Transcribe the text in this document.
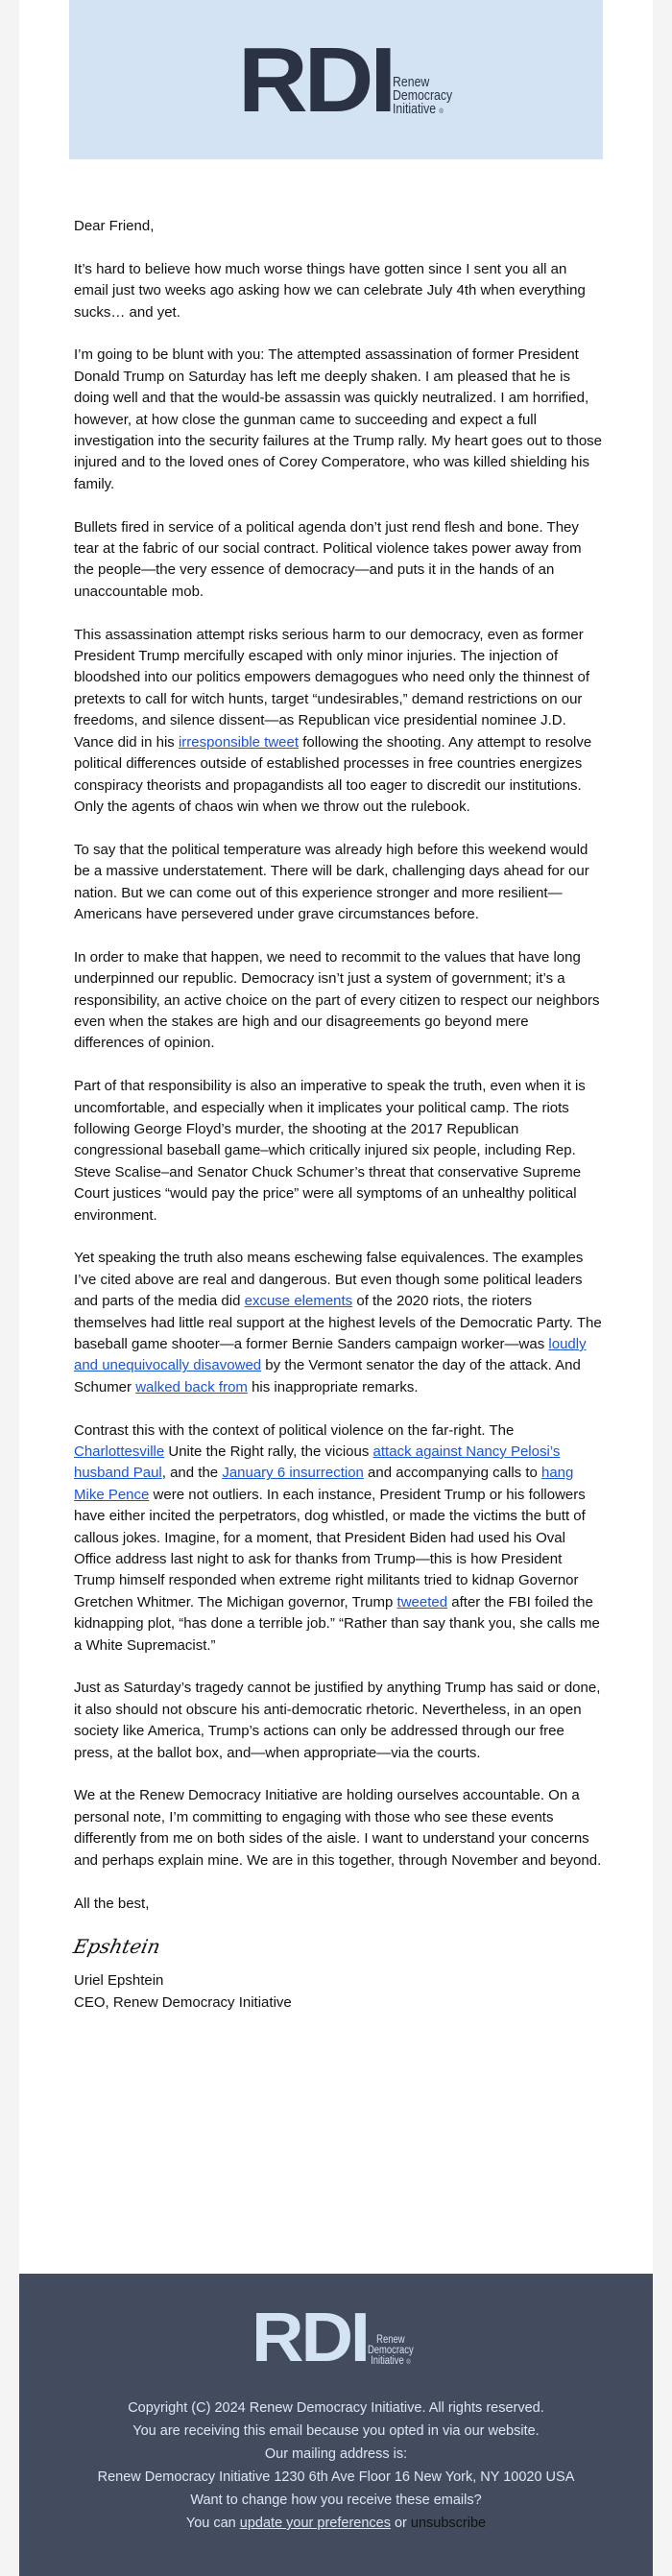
RDI Renew
Democracy
Initiative ®

Dear Friend,

It’s hard to believe how much worse things have gotten since I sent you all an email just two weeks ago asking how we can celebrate July 4th when everything sucks… and yet.

I’m going to be blunt with you: The attempted assassination of former President Donald Trump on Saturday has left me deeply shaken. I am pleased that he is doing well and that the would-be assassin was quickly neutralized. I am horrified, however, at how close the gunman came to succeeding and expect a full investigation into the security failures at the Trump rally. My heart goes out to those injured and to the loved ones of Corey Comperatore, who was killed shielding his family.

Bullets fired in service of a political agenda don’t just rend flesh and bone. They tear at the fabric of our social contract. Political violence takes power away from the people—the very essence of democracy—and puts it in the hands of an unaccountable mob.

This assassination attempt risks serious harm to our democracy, even as former President Trump mercifully escaped with only minor injuries. The injection of bloodshed into our politics empowers demagogues who need only the thinnest of pretexts to call for witch hunts, target “undesirables,” demand restrictions on our freedoms, and silence dissent—as Republican vice presidential nominee J.D. Vance did in his irresponsible tweet following the shooting. Any attempt to resolve political differences outside of established processes in free countries energizes conspiracy theorists and propagandists all too eager to discredit our institutions. Only the agents of chaos win when we throw out the rulebook.

To say that the political temperature was already high before this weekend would be a massive understatement. There will be dark, challenging days ahead for our nation. But we can come out of this experience stronger and more resilient—Americans have persevered under grave circumstances before.

In order to make that happen, we need to recommit to the values that have long underpinned our republic. Democracy isn’t just a system of government; it’s a responsibility, an active choice on the part of every citizen to respect our neighbors even when the stakes are high and our disagreements go beyond mere differences of opinion.

Part of that responsibility is also an imperative to speak the truth, even when it is uncomfortable, and especially when it implicates your political camp. The riots following George Floyd’s murder, the shooting at the 2017 Republican congressional baseball game–which critically injured six people, including Rep. Steve Scalise–and Senator Chuck Schumer’s threat that conservative Supreme Court justices “would pay the price” were all symptoms of an unhealthy political environment.

Yet speaking the truth also means eschewing false equivalences. The examples I’ve cited above are real and dangerous. But even though some political leaders and parts of the media did excuse elements of the 2020 riots, the rioters themselves had little real support at the highest levels of the Democratic Party. The baseball game shooter—a former Bernie Sanders campaign worker—was loudly and unequivocally disavowed by the Vermont senator the day of the attack. And Schumer walked back from his inappropriate remarks.

Contrast this with the context of political violence on the far-right. The Charlottesville Unite the Right rally, the vicious attack against Nancy Pelosi’s husband Paul, and the January 6 insurrection and accompanying calls to hang Mike Pence were not outliers. In each instance, President Trump or his followers have either incited the perpetrators, dog whistled, or made the victims the butt of callous jokes. Imagine, for a moment, that President Biden had used his Oval Office address last night to ask for thanks from Trump—this is how President Trump himself responded when extreme right militants tried to kidnap Governor Gretchen Whitmer. The Michigan governor, Trump tweeted after the FBI foiled the kidnapping plot, “has done a terrible job.” “Rather than say thank you, she calls me a White Supremacist.”

Just as Saturday’s tragedy cannot be justified by anything Trump has said or done, it also should not obscure his anti-democratic rhetoric. Nevertheless, in an open society like America, Trump’s actions can only be addressed through our free press, at the ballot box, and—when appropriate—via the courts.

We at the Renew Democracy Initiative are holding ourselves accountable. On a personal note, I’m committing to engaging with those who see these events differently from me on both sides of the aisle. I want to understand your concerns and perhaps explain mine. We are in this together, through November and beyond.

All the best,

Epshtein
Uriel Epshtein
CEO, Renew Democracy Initiative
RDI Renew
Democracy
Initiative ®
Copyright (C) 2024 Renew Democracy Initiative. All rights reserved.
You are receiving this email because you opted in via our website.
Our mailing address is:
Renew Democracy Initiative 1230 6th Ave Floor 16 New York, NY 10020 USA
Want to change how you receive these emails?
You can update your preferences or unsubscribe
